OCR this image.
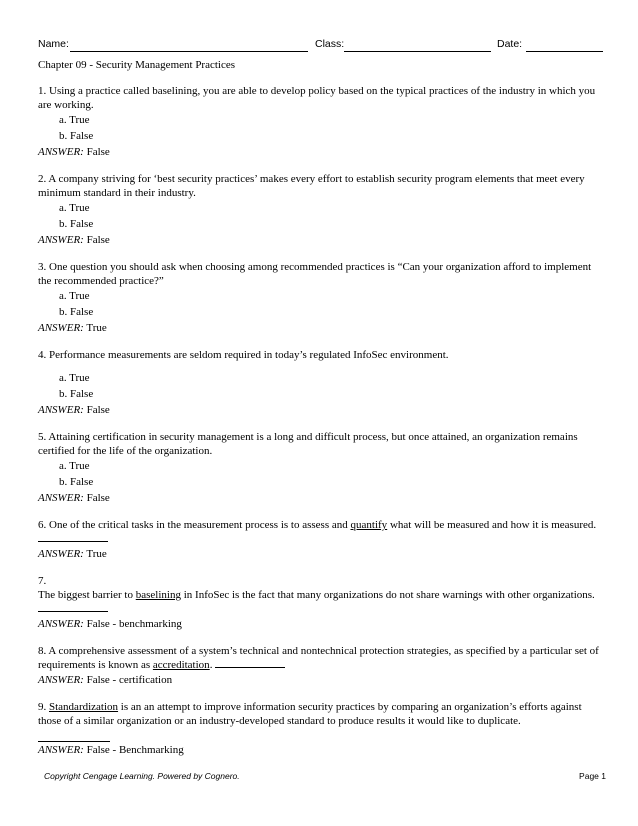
Name:	Class:	Date:
Chapter 09 - Security Management Practices
1. Using a practice called baselining, you are able to develop policy based on the typical practices of the industry in which you are working.
a. True
b. False
ANSWER: False
2. A company striving for ‘best security practices’ makes every effort to establish security program elements that meet every minimum standard in their industry.
a. True
b. False
ANSWER: False
3. One question you should ask when choosing among recommended practices is “Can your organization afford to implement the recommended practice?”
a. True
b. False
ANSWER: True
4. Performance measurements are seldom required in today’s regulated InfoSec environment.
a. True
b. False
ANSWER: False
5. Attaining certification in security management is a long and difficult process, but once attained, an organization remains certified for the life of the organization.
a. True
b. False
ANSWER: False
6. One of the critical tasks in the measurement process is to assess and quantify what will be measured and how it is measured.
ANSWER: True
7.
The biggest barrier to baselining in InfoSec is the fact that many organizations do not share warnings with other organizations.
ANSWER: False - benchmarking
8. A comprehensive assessment of a system’s technical and nontechnical protection strategies, as specified by a particular set of requirements is known as accreditation.
ANSWER: False - certification
9. Standardization is an an attempt to improve information security practices by comparing an organization’s efforts against those of a similar organization or an industry-developed standard to produce results it would like to duplicate.
ANSWER: False - Benchmarking
Copyright Cengage Learning. Powered by Cognero.	Page 1
